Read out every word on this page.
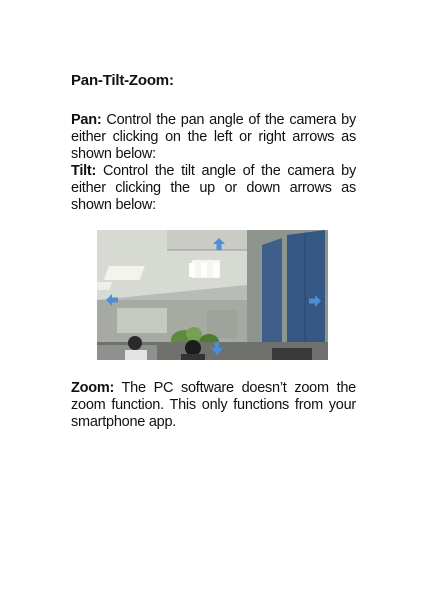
Pan-Tilt-Zoom:

Pan: Control the pan angle of the camera by either clicking on the left or right arrows as shown below:

Tilt: Control the tilt angle of the camera by either clicking the up or down arrows as shown below:

Zoom: The PC software doesn’t zoom the zoom function. This only functions from your smartphone app.
